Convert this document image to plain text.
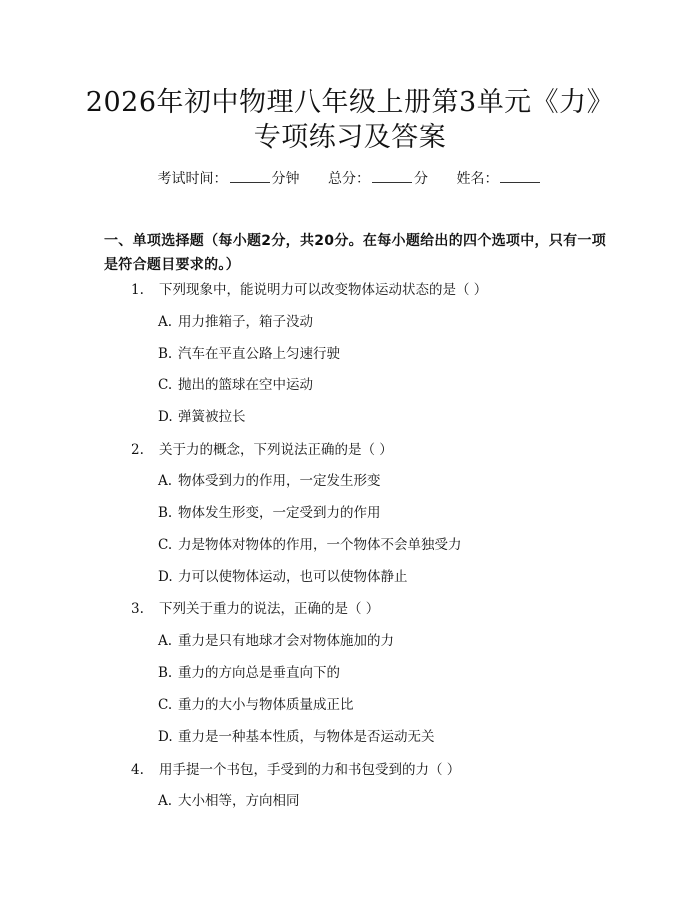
2026年初中物理八年级上册第3单元《力》
专项练习及答案
考试时间：	分钟 总分：	分 姓名：
一、单项选择题（每小题2分，共20分。在每小题给出的四个选项中，只有一项
是符合题目要求的。）
1. 下列现象中，能说明力可以改变物体运动状态的是（ ）
A. 用力推箱子，箱子没动
B. 汽车在平直公路上匀速行驶
C. 抛出的篮球在空中运动
D. 弹簧被拉长
2. 关于力的概念，下列说法正确的是（ ）
A. 物体受到力的作用，一定发生形变
B. 物体发生形变，一定受到力的作用
C. 力是物体对物体的作用，一个物体不会单独受力
D. 力可以使物体运动，也可以使物体静止
3. 下列关于重力的说法，正确的是（ ）
A. 重力是只有地球才会对物体施加的力
B. 重力的方向总是垂直向下的
C. 重力的大小与物体质量成正比
D. 重力是一种基本性质，与物体是否运动无关
4. 用手提一个书包，手受到的力和书包受到的力（ ）
A. 大小相等，方向相同
